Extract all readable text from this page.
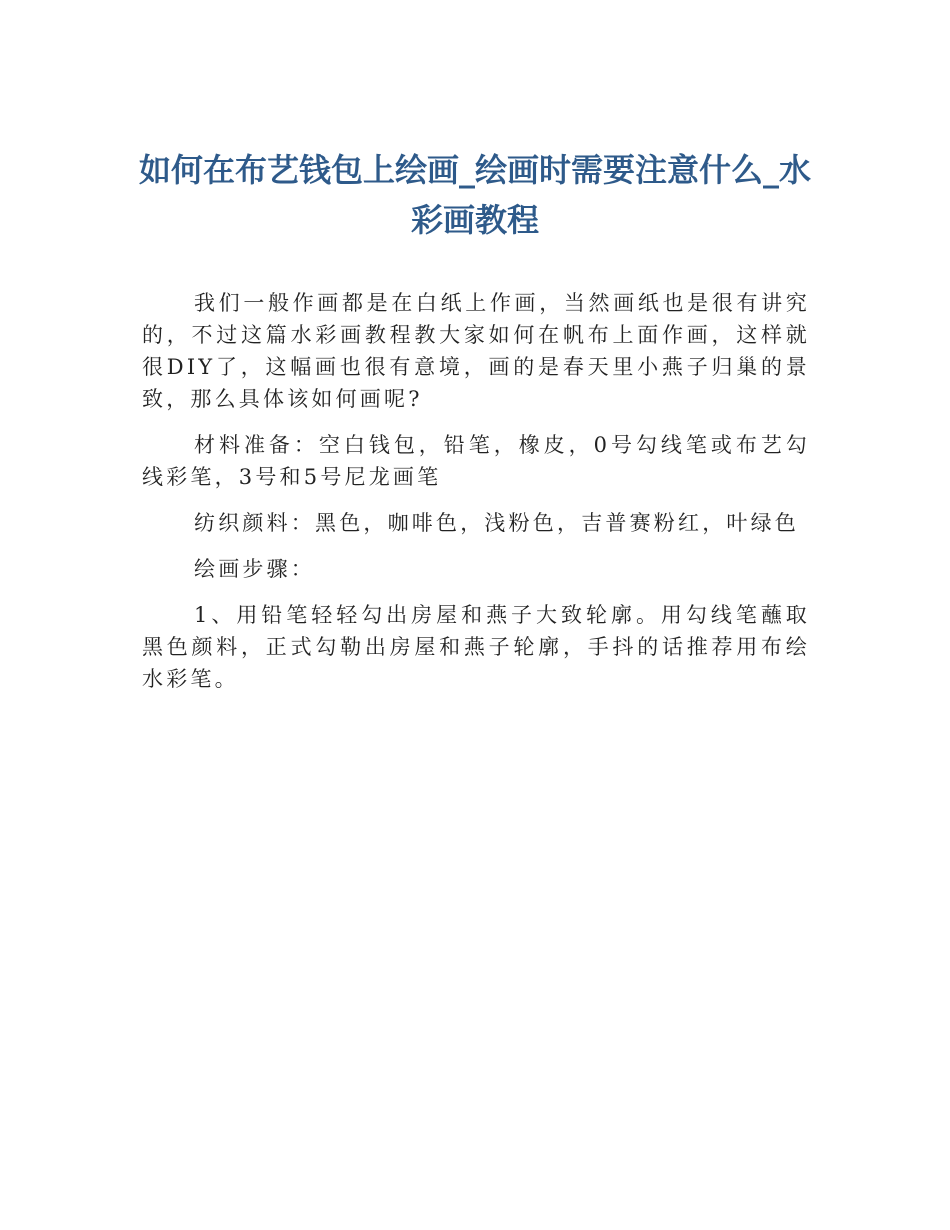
如何在布艺钱包上绘画_绘画时需要注意什么_水彩画教程

我们一般作画都是在白纸上作画，当然画纸也是很有讲究的，不过这篇水彩画教程教大家如何在帆布上面作画，这样就很DIY了，这幅画也很有意境，画的是春天里小燕子归巢的景致，那么具体该如何画呢?

材料准备：空白钱包，铅笔，橡皮，0号勾线笔或布艺勾线彩笔，3号和5号尼龙画笔

纺织颜料：黑色，咖啡色，浅粉色，吉普赛粉红，叶绿色

绘画步骤：

1、用铅笔轻轻勾出房屋和燕子大致轮廓。用勾线笔蘸取黑色颜料，正式勾勒出房屋和燕子轮廓，手抖的话推荐用布绘水彩笔。
